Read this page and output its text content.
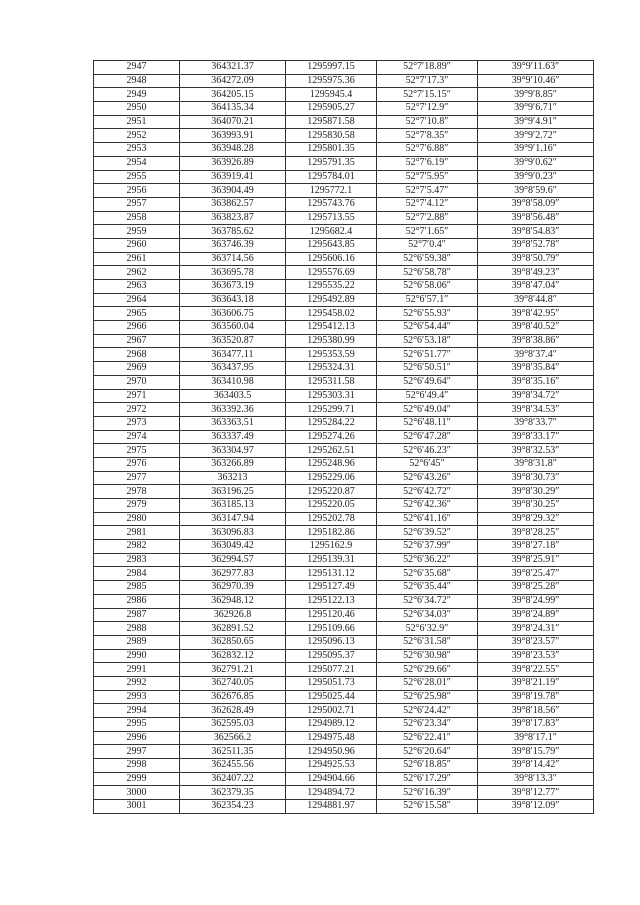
2947	364321.37	1295997.15	52°7′18.89″	39°9′11.63″
2948	364272.09	1295975.36	52°7′17.3″	39°9′10.46″
2949	364205.15	1295945.4	52°7′15.15″	39°9′8.85″
2950	364135.34	1295905.27	52°7′12.9″	39°9′6.71″
2951	364070.21	1295871.58	52°7′10.8″	39°9′4.91″
2952	363993.91	1295830.58	52°7′8.35″	39°9′2.72″
2953	363948.28	1295801.35	52°7′6.88″	39°9′1.16″
2954	363926.89	1295791.35	52°7′6.19″	39°9′0.62″
2955	363919.41	1295784.01	52°7′5.95″	39°9′0.23″
2956	363904.49	1295772.1	52°7′5.47″	39°8′59.6″
2957	363862.57	1295743.76	52°7′4.12″	39°8′58.09″
2958	363823.87	1295713.55	52°7′2.88″	39°8′56.48″
2959	363785.62	1295682.4	52°7′1.65″	39°8′54.83″
2960	363746.39	1295643.85	52°7′0.4″	39°8′52.78″
2961	363714.56	1295606.16	52°6′59.38″	39°8′50.79″
2962	363695.78	1295576.69	52°6′58.78″	39°8′49.23″
2963	363673.19	1295535.22	52°6′58.06″	39°8′47.04″
2964	363643.18	1295492.89	52°6′57.1″	39°8′44.8″
2965	363606.75	1295458.02	52°6′55.93″	39°8′42.95″
2966	363560.04	1295412.13	52°6′54.44″	39°8′40.52″
2967	363520.87	1295380.99	52°6′53.18″	39°8′38.86″
2968	363477.11	1295353.59	52°6′51.77″	39°8′37.4″
2969	363437.95	1295324.31	52°6′50.51″	39°8′35.84″
2970	363410.98	1295311.58	52°6′49.64″	39°8′35.16″
2971	363403.5	1295303.31	52°6′49.4″	39°8′34.72″
2972	363392.36	1295299.71	52°6′49.04″	39°8′34.53″
2973	363363.51	1295284.22	52°6′48.11″	39°8′33.7″
2974	363337.49	1295274.26	52°6′47.28″	39°8′33.17″
2975	363304.97	1295262.51	52°6′46.23″	39°8′32.53″
2976	363266.89	1295248.96	52°6′45″	39°8′31.8″
2977	363213	1295229.06	52°6′43.26″	39°8′30.73″
2978	363196.25	1295220.87	52°6′42.72″	39°8′30.29″
2979	363185.13	1295220.05	52°6′42.36″	39°8′30.25″
2980	363147.94	1295202.78	52°6′41.16″	39°8′29.32″
2981	363096.83	1295182.86	52°6′39.52″	39°8′28.25″
2982	363049.42	1295162.9	52°6′37.99″	39°8′27.18″
2983	362994.57	1295139.31	52°6′36.22″	39°8′25.91″
2984	362977.83	1295131.12	52°6′35.68″	39°8′25.47″
2985	362970.39	1295127.49	52°6′35.44″	39°8′25.28″
2986	362948.12	1295122.13	52°6′34.72″	39°8′24.99″
2987	362926.8	1295120.46	52°6′34.03″	39°8′24.89″
2988	362891.52	1295109.66	52°6′32.9″	39°8′24.31″
2989	362850.65	1295096.13	52°6′31.58″	39°8′23.57″
2990	362832.12	1295095.37	52°6′30.98″	39°8′23.53″
2991	362791.21	1295077.21	52°6′29.66″	39°8′22.55″
2992	362740.05	1295051.73	52°6′28.01″	39°8′21.19″
2993	362676.85	1295025.44	52°6′25.98″	39°8′19.78″
2994	362628.49	1295002.71	52°6′24.42″	39°8′18.56″
2995	362595.03	1294989.12	52°6′23.34″	39°8′17.83″
2996	362566.2	1294975.48	52°6′22.41″	39°8′17.1″
2997	362511.35	1294950.96	52°6′20.64″	39°8′15.79″
2998	362455.56	1294925.53	52°6′18.85″	39°8′14.42″
2999	362407.22	1294904.66	52°6′17.29″	39°8′13.3″
3000	362379.35	1294894.72	52°6′16.39″	39°8′12.77″
3001	362354.23	1294881.97	52°6′15.58″	39°8′12.09″
